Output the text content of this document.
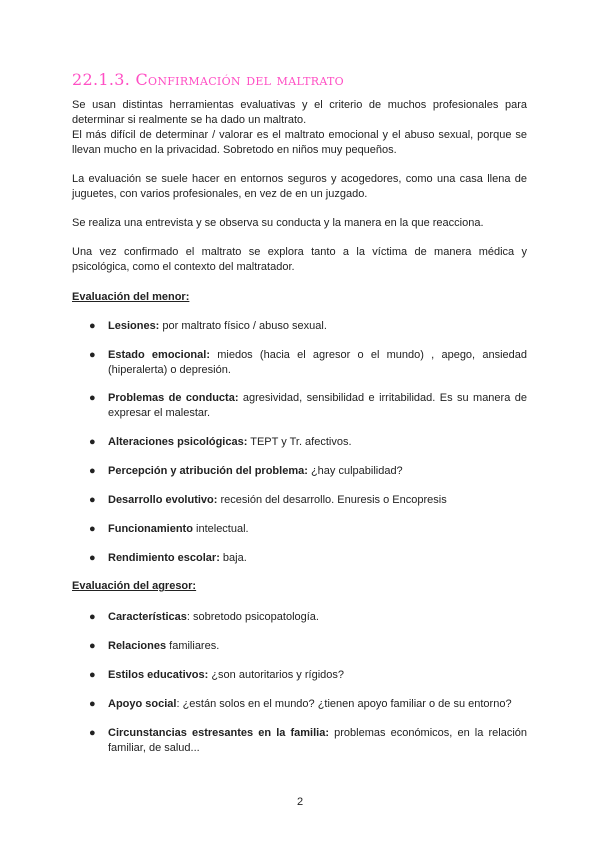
22.1.3. Confirmación del maltrato
Se usan distintas herramientas evaluativas y el criterio de muchos profesionales para determinar si realmente se ha dado un maltrato.
El más difícil de determinar / valorar es el maltrato emocional y el abuso sexual, porque se llevan mucho en la privacidad. Sobretodo en niños muy pequeños.
La evaluación se suele hacer en entornos seguros y acogedores, como una casa llena de juguetes, con varios profesionales, en vez de en un juzgado.
Se realiza una entrevista y se observa su conducta y la manera en la que reacciona.
Una vez confirmado el maltrato se explora tanto a la víctima de manera médica y psicológica, como el contexto del maltratador.
Evaluación del menor:
● Lesiones: por maltrato físico / abuso sexual.
● Estado emocional: miedos (hacia el agresor o el mundo) , apego, ansiedad (hiperalerta) o depresión.
● Problemas de conducta: agresividad, sensibilidad e irritabilidad. Es su manera de expresar el malestar.
● Alteraciones psicológicas: TEPT y Tr. afectivos.
● Percepción y atribución del problema: ¿hay culpabilidad?
● Desarrollo evolutivo: recesión del desarrollo. Enuresis o Encopresis
● Funcionamiento intelectual.
● Rendimiento escolar: baja.
Evaluación del agresor:
● Características: sobretodo psicopatología.
● Relaciones familiares.
● Estilos educativos: ¿son autoritarios y rígidos?
● Apoyo social: ¿están solos en el mundo? ¿tienen apoyo familiar o de su entorno?
● Circunstancias estresantes en la familia: problemas económicos, en la relación familiar, de salud...
2
